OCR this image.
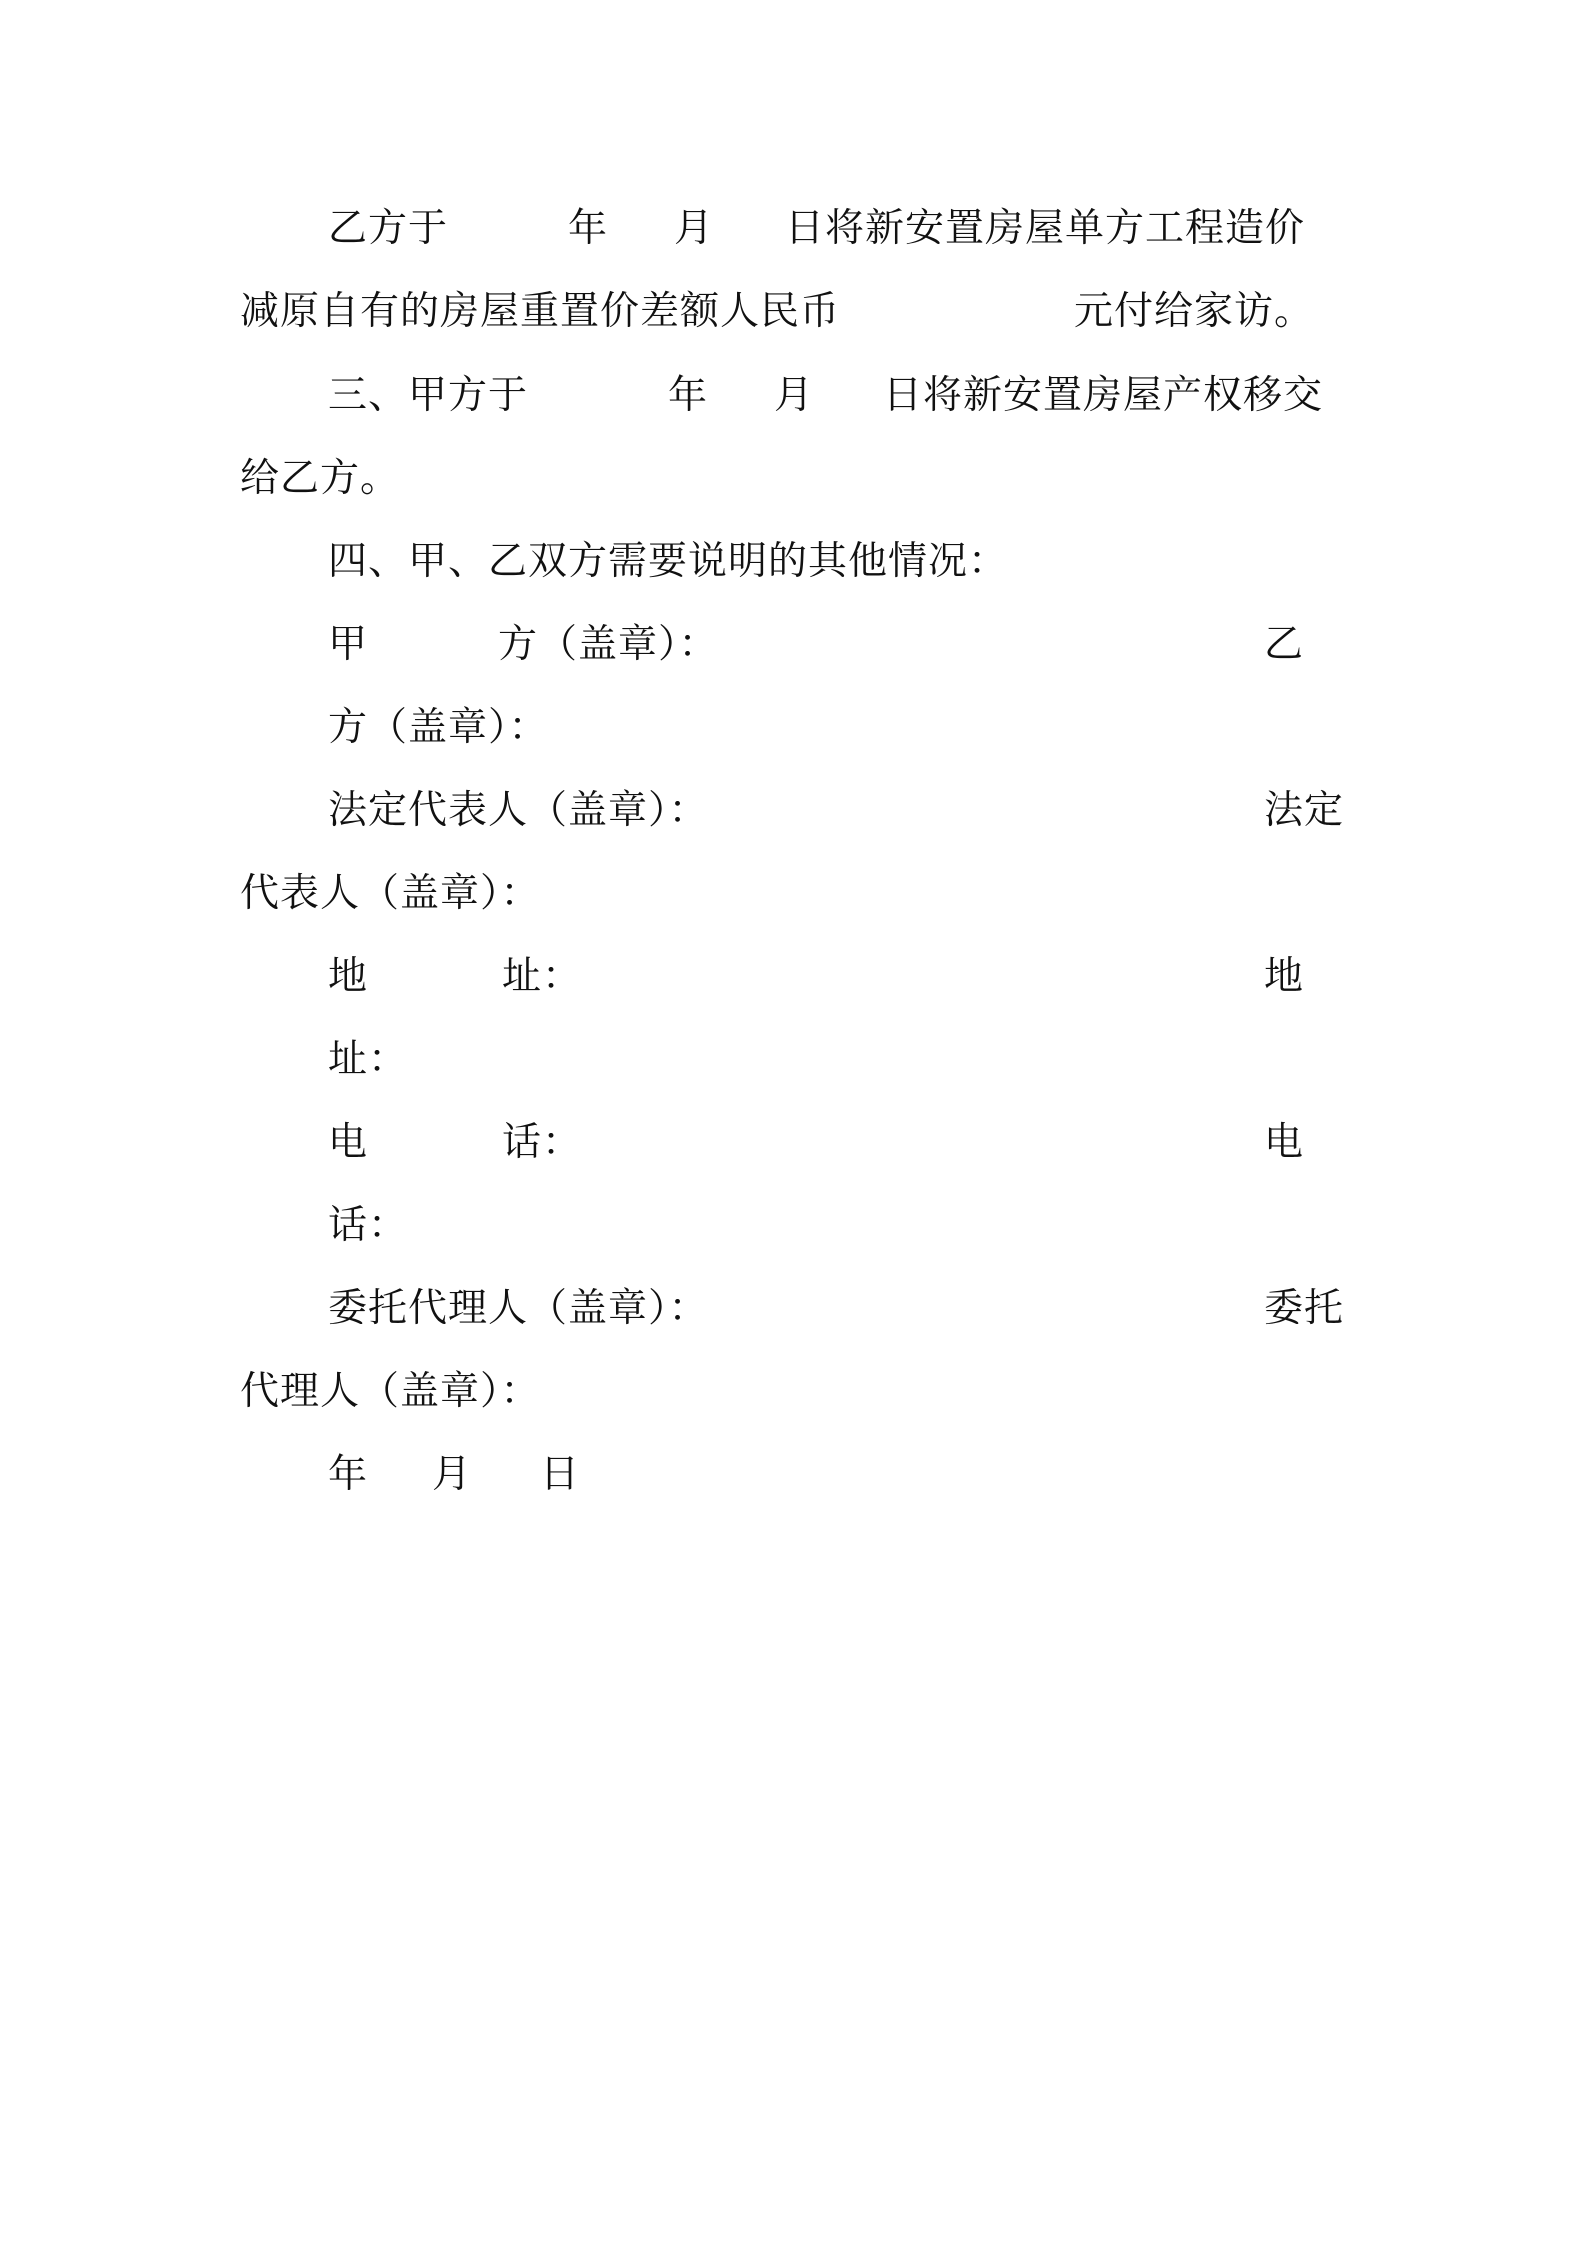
乙方于	年 月 日将新安置房屋单方工程造价
减原自有的房屋重置价差额人民币	元付给家访。
三、甲方于	年 月 日将新安置房屋产权移交
给乙方。
四、甲、乙双方需要说明的其他情况：
甲	方（盖章）：	乙
方（盖章）：
法定代表人（盖章）：	法定
代表人（盖章）：
地	址：	地
址：
电	话：	电
话：
委托代理人（盖章）：	委托
代理人（盖章）：
年 月 日
